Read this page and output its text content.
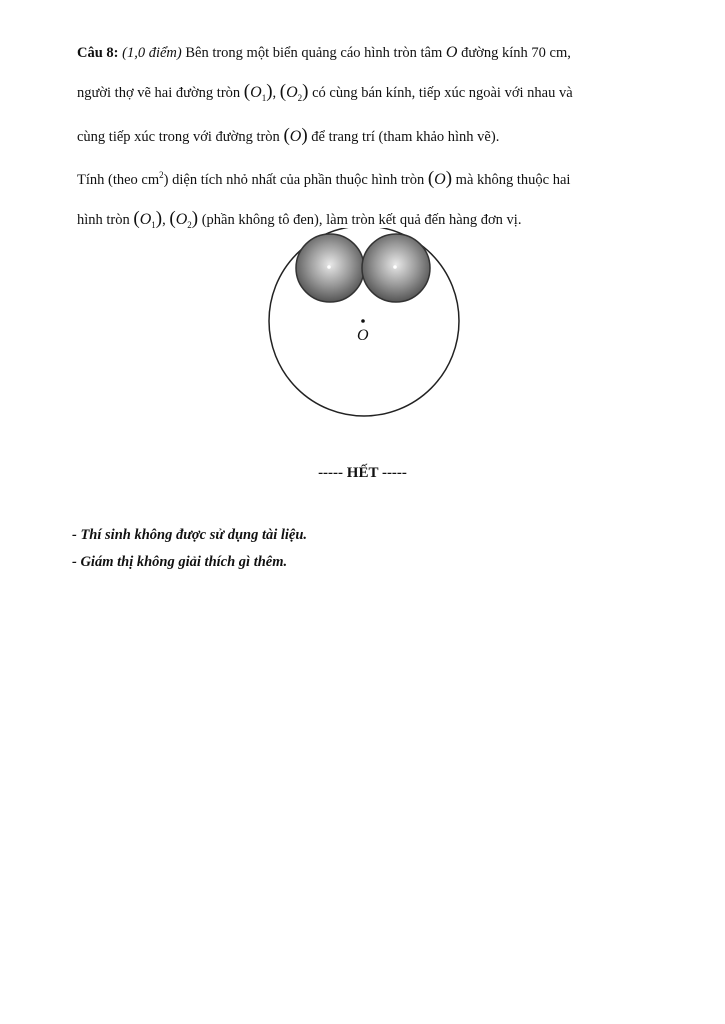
Câu 8: (1,0 điểm) Bên trong một biển quảng cáo hình tròn tâm O đường kính 70 cm,

người thợ vẽ hai đường tròn $(O_1)$, $(O_2)$ có cùng bán kính, tiếp xúc ngoài với nhau và

cùng tiếp xúc trong với đường tròn (O) để trang trí (tham khảo hình vẽ).

Tính (theo $cm^2$) diện tích nhỏ nhất của phần thuộc hình tròn (O) mà không thuộc hai

hình tròn $(O_1)$, $(O_2)$ (phần không tô đen), làm tròn kết quả đến hàng đơn vị.

O
----- HẾT -----
- Thí sinh không được sử dụng tài liệu.
- Giám thị không giải thích gì thêm.
